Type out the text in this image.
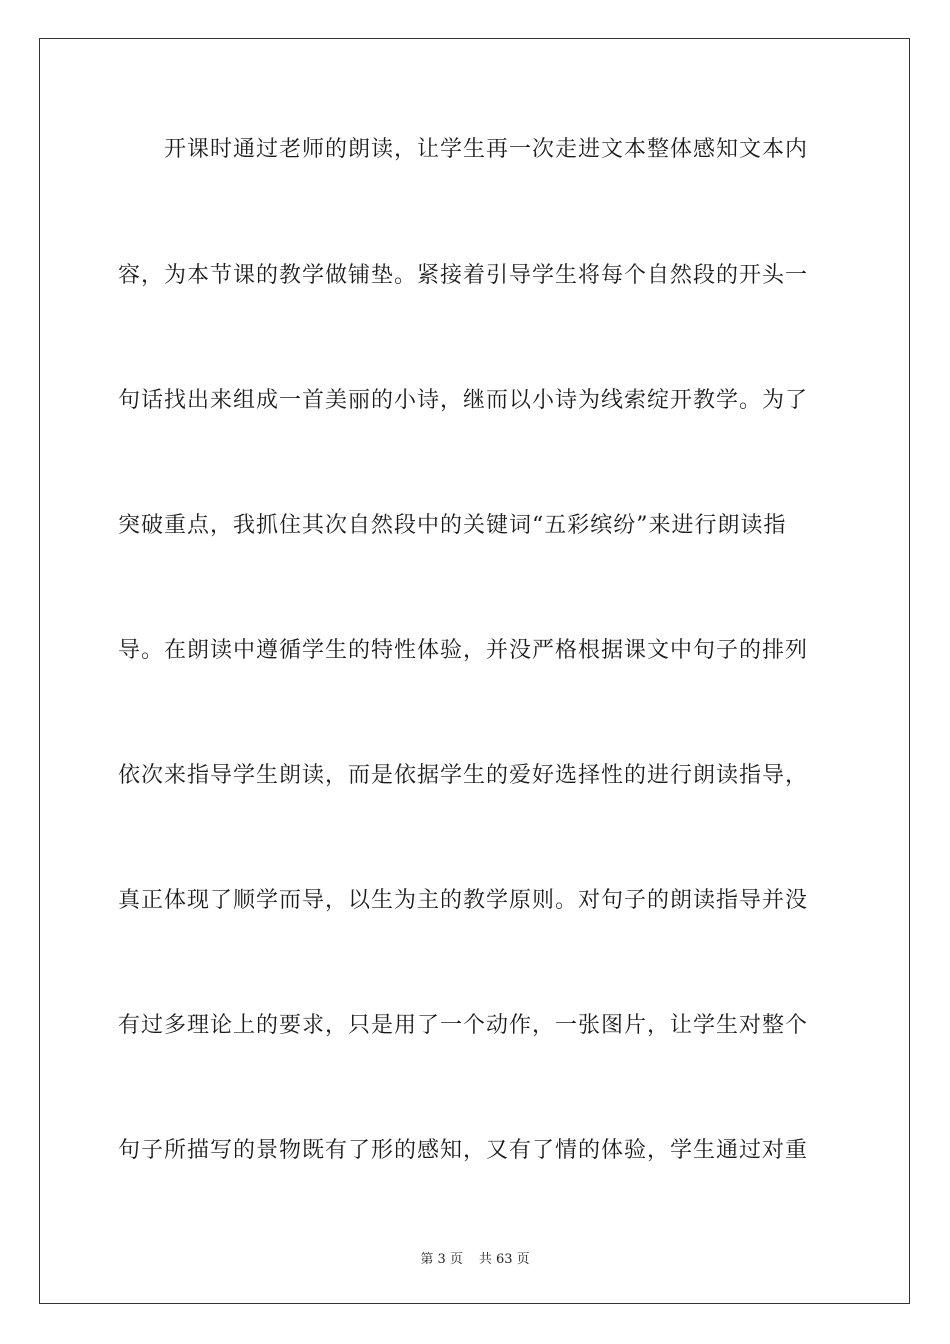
　　开课时通过老师的朗读，让学生再一次走进文本整体感知文本内
容，为本节课的教学做铺垫。紧接着引导学生将每个自然段的开头一
句话找出来组成一首美丽的小诗，继而以小诗为线索绽开教学。为了
突破重点，我抓住其次自然段中的关键词“五彩缤纷”来进行朗读指
导。在朗读中遵循学生的特性体验，并没严格根据课文中句子的排列
依次来指导学生朗读，而是依据学生的爱好选择性的进行朗读指导，
真正体现了顺学而导，以生为主的教学原则。对句子的朗读指导并没
有过多理论上的要求，只是用了一个动作，一张图片，让学生对整个
句子所描写的景物既有了形的感知，又有了情的体验，学生通过对重
第 3 页 共 63 页
